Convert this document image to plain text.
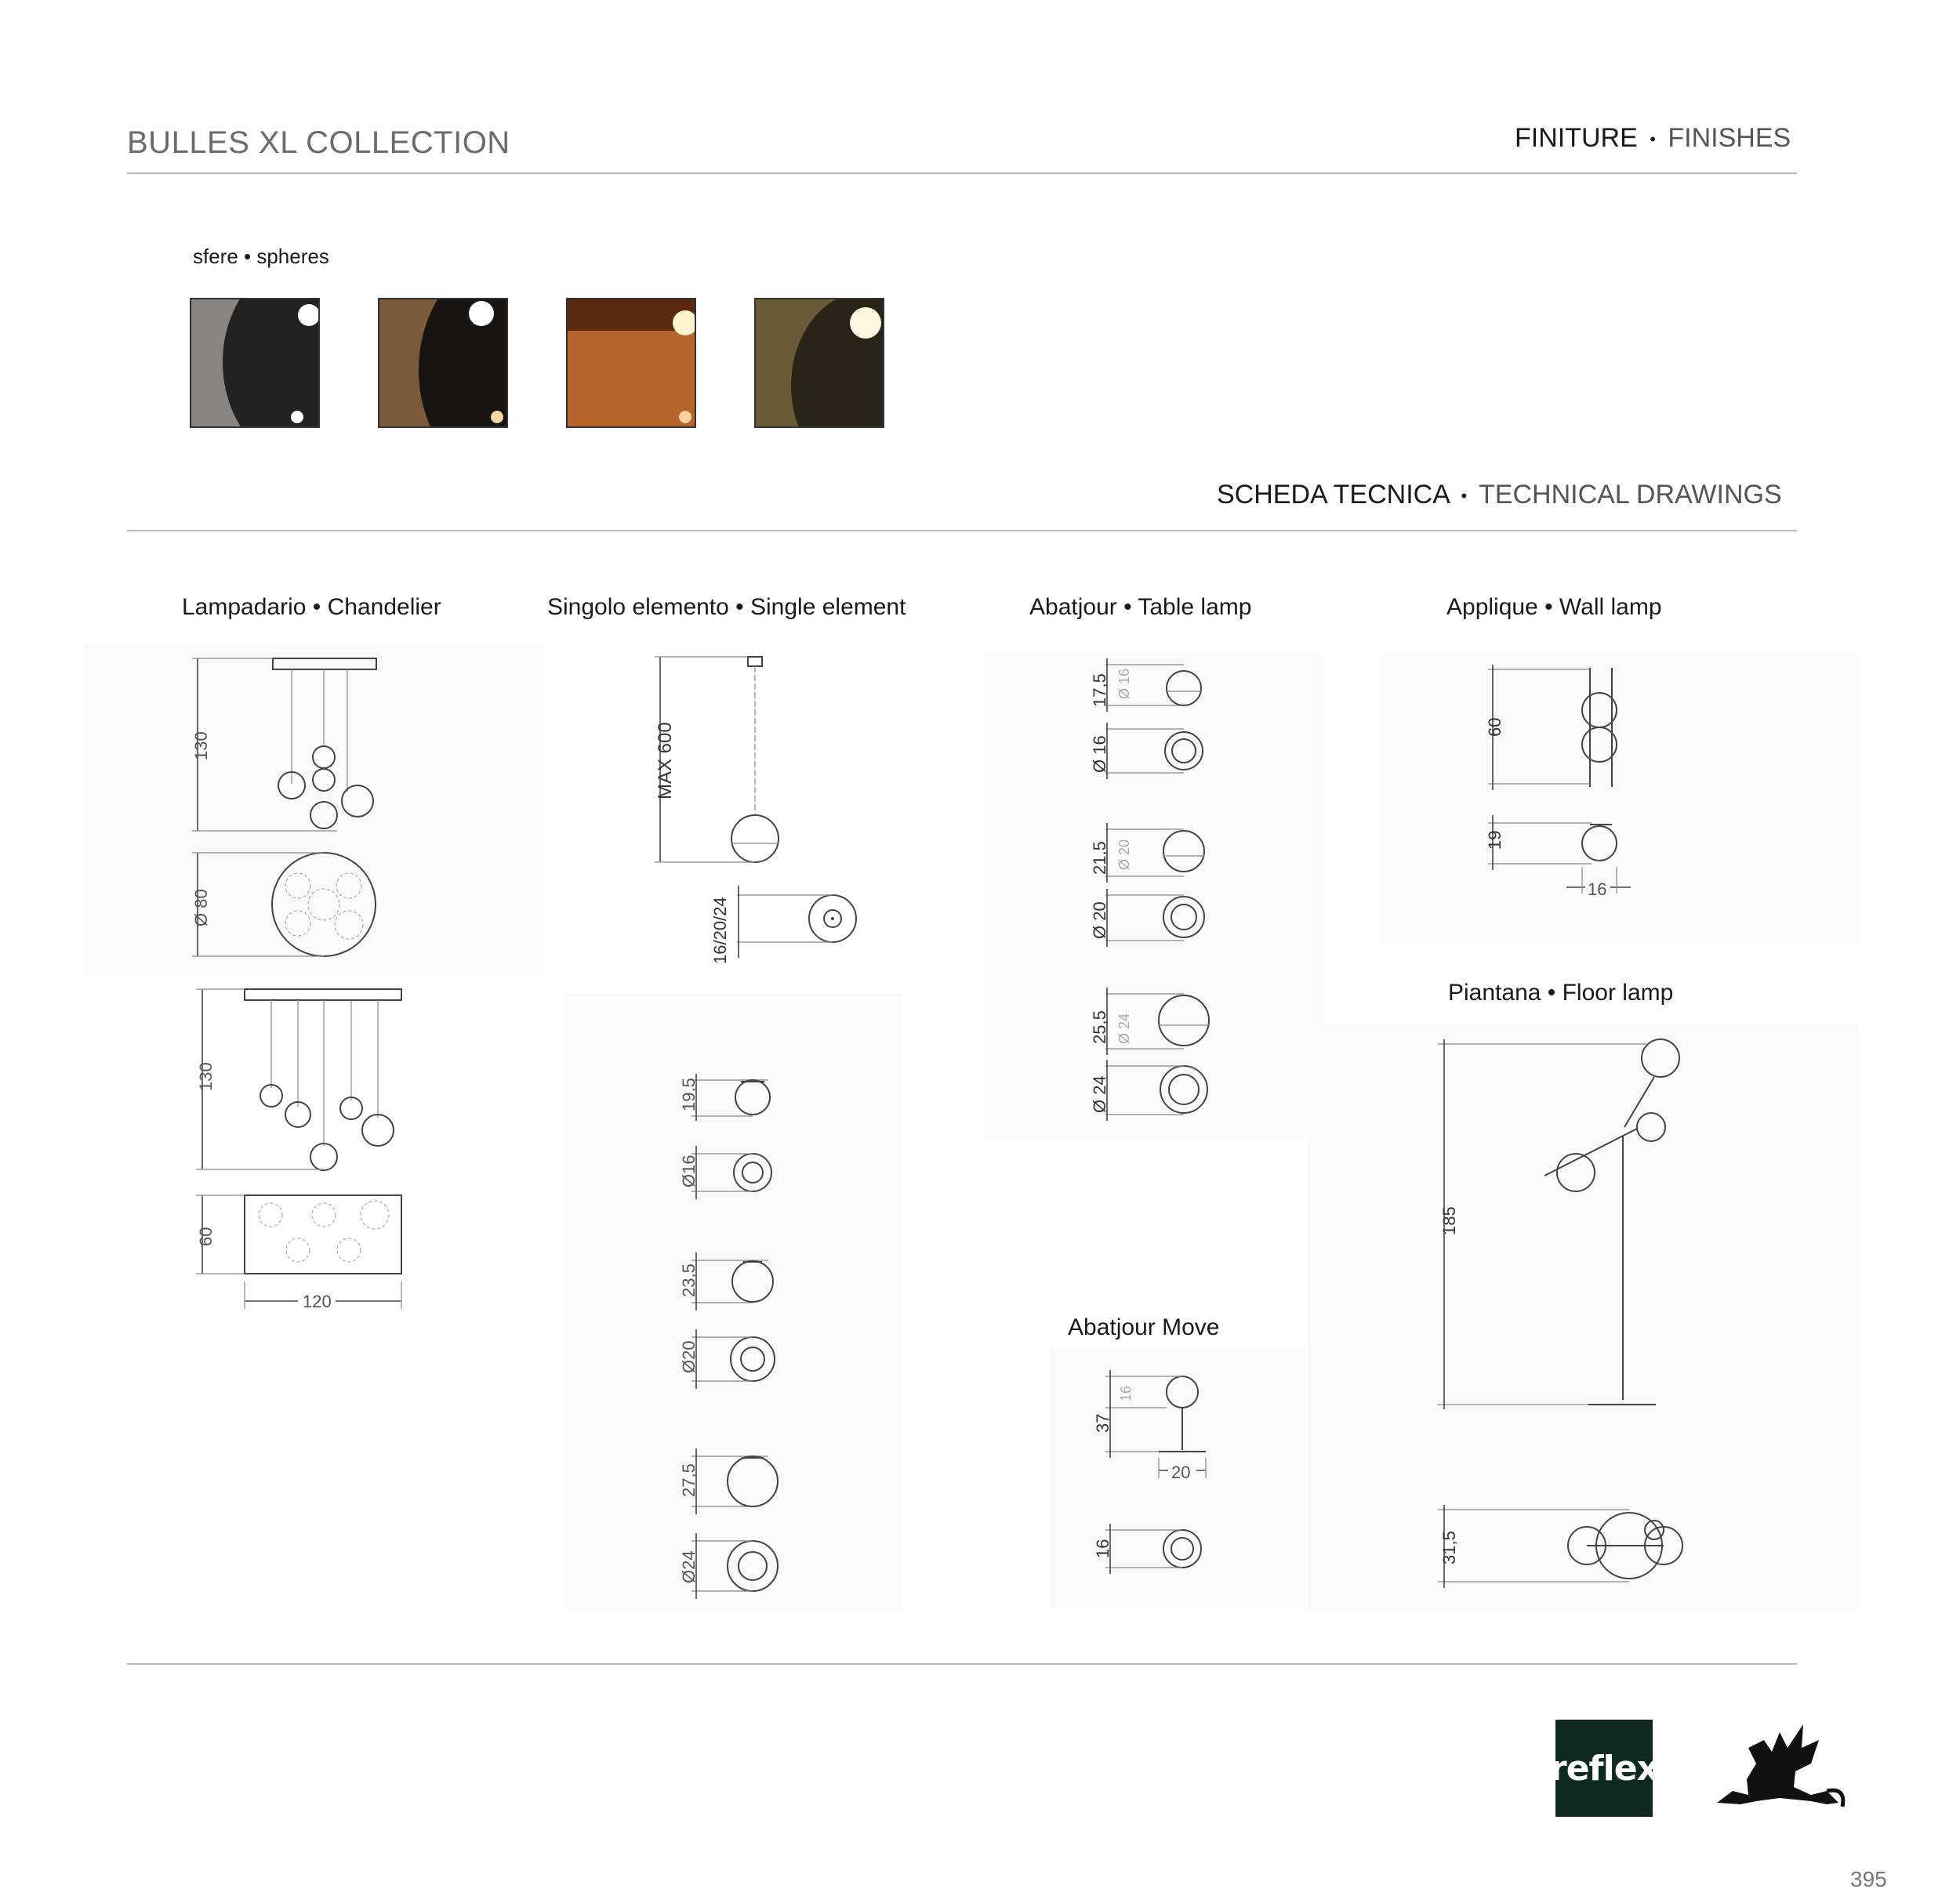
BULLES XL COLLECTION	FINITURE • FINISHES
sfere • spheres
SCHEDA TECNICA • TECHNICAL DRAWINGS
Lampadario • Chandelier	Singolo elemento • Single element	Abatjour • Table lamp	Applique • Wall lamp
Piantana • Floor lamp
Abatjour Move
130
Ø 80
130
60
120
MAX 600
16/20/24
19,5
Ø16
23,5
Ø20
27,5
Ø24
17,5 Ø 16
Ø 16
21,5 Ø 20
Ø 20
25,5 Ø 24
Ø 24
37
16
20
16
60
19
16
185
31,5
reflex
395
